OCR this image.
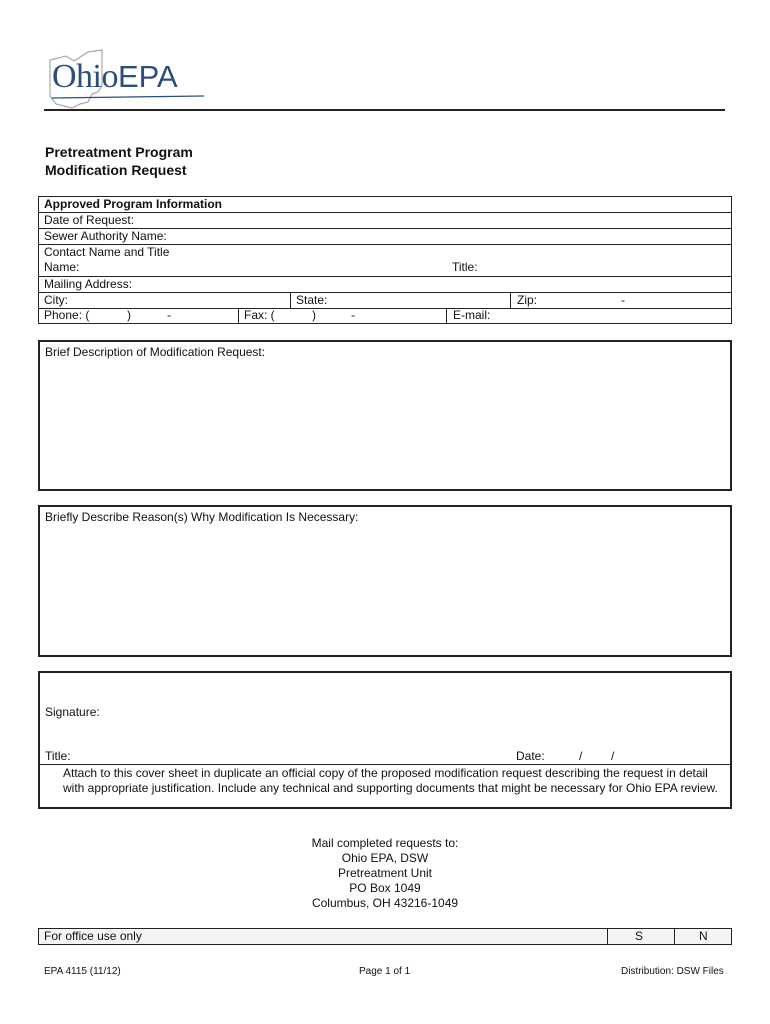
OhioEPA
Pretreatment Program
Modification Request
Approved Program Information
Date of Request:
Sewer Authority Name:
Contact Name and Title
Name:	Title:
Mailing Address:
City:	State:	Zip:	-
Phone: (	)	-	Fax: (	)	-	E-mail:
Brief Description of Modification Request:
Briefly Describe Reason(s) Why Modification Is Necessary:
Signature:
Title:	Date:	/ /
Attach to this cover sheet in duplicate an official copy of the proposed modification request describing the request in detail with appropriate justification. Include any technical and supporting documents that might be necessary for Ohio EPA review.
Mail completed requests to:
Ohio EPA, DSW
Pretreatment Unit
PO Box 1049
Columbus, OH 43216-1049
For office use only	S	N
EPA 4115 (11/12)	Page 1 of 1	Distribution: DSW Files
